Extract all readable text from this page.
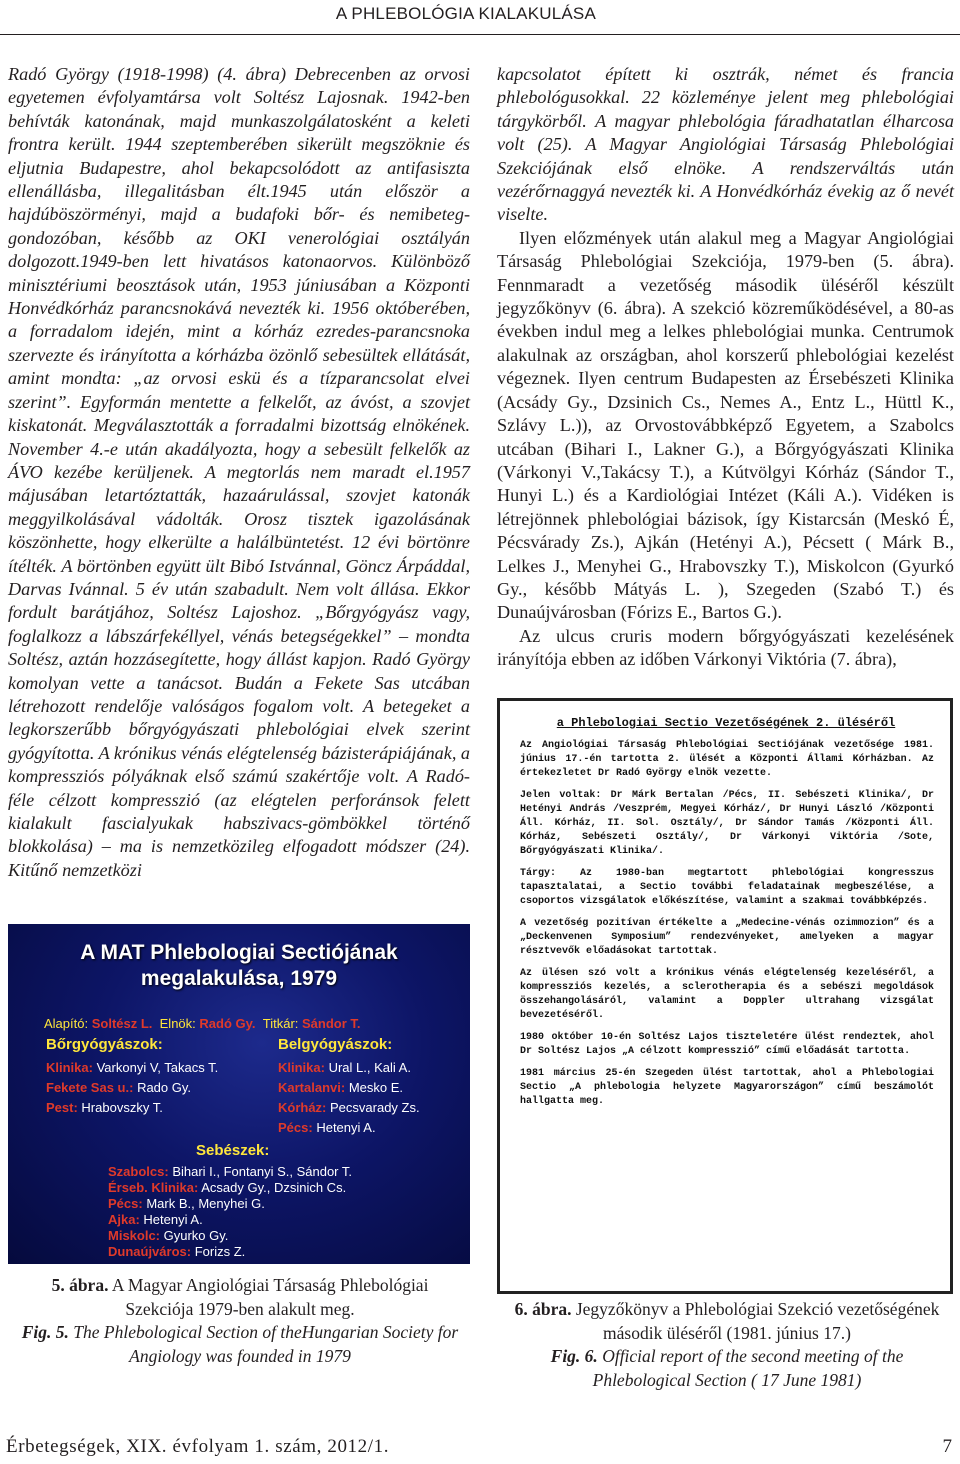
A PHLEBOLÓGIA KIALAKULÁSA

Radó György (1918-1998) (4. ábra) Debrecenben az orvosi egyetemen évfolyamtársa volt Soltész Lajosnak. 1942-ben behívták katonának, majd munkaszolgálatosként a keleti frontra került. 1944 szeptemberében sikerült megszöknie és eljutnia Budapestre, ahol bekapcsolódott az antifasiszta ellenállásba, illegalitásban élt.1945 után először a hajdúböszörményi, majd a budafoki bőr- és nemibeteg-gondozóban, később az OKI venerológiai osztályán dolgozott.1949-ben lett hivatásos katonaorvos. Különböző minisztériumi beosztások után, 1953 júniusában a Központi Honvédkórház parancsnokává nevezték ki. 1956 októberében, a forradalom idején, mint a kórház ezredes-parancsnoka szervezte és irányította a kórházba özönlő sebesültek ellátását, amint mondta: „az orvosi eskü és a tízparancsolat elvei szerint”. Egyformán mentette a felkelőt, az ávóst, a szovjet kiskatonát. Megválasztották a forradalmi bizottság elnökének. November 4.-e után akadályozta, hogy a sebesült felkelők az ÁVO kezébe kerüljenek. A megtorlás nem maradt el.1957 májusában letartóztatták, hazaárulással, szovjet katonák meggyilkolásával vádolták. Orosz tisztek igazolásának köszönhette, hogy elkerülte a halálbüntetést. 12 évi börtönre ítélték. A börtönben együtt ült Bibó Istvánnal, Göncz Árpáddal, Darvas Ivánnal. 5 év után szabadult. Nem volt állása. Ekkor fordult barátjához, Soltész Lajoshoz. „Bőrgyógyász vagy, foglalkozz a lábszárfekéllyel, vénás betegségekkel” – mondta Soltész, aztán hozzásegítette, hogy állást kapjon. Radó György komolyan vette a tanácsot. Budán a Fekete Sas utcában létrehozott rendelője valóságos fogalom volt. A betegeket a legkorszerűbb bőrgyógyászati phlebológiai elvek szerint gyógyította. A krónikus vénás elégtelenség bázisterápiájának, a kompressziós pólyáknak első számú szakértője volt. A Radó-féle célzott kompresszió (az elégtelen perforánsok felett kialakult fascialyukak habszivacs-gömbökkel történő blokkolása) – ma is nemzetközileg elfogadott módszer (24). Kitűnő nemzetközi

kapcsolatot épített ki osztrák, német és francia phlebológusokkal. 22 közleménye jelent meg phlebológiai tárgykörből. A magyar phlebológia fáradhatatlan élharcosa volt (25). A Magyar Angiológiai Társaság Phlebológiai Szekciójának első elnöke. A rendszerváltás után vezérőrnaggyá nevezték ki. A Honvédkórház évekig az ő nevét viselte.

Ilyen előzmények után alakul meg a Magyar Angiológiai Társaság Phlebológiai Szekciója, 1979-ben (5. ábra). Fennmaradt a vezetőség második üléséről készült jegyzőkönyv (6. ábra). A szekció közreműködésével, a 80-as években indul meg a lelkes phlebológiai munka. Centrumok alakulnak az országban, ahol korszerű phlebológiai kezelést végeznek. Ilyen centrum Budapesten az Érsebészeti Klinika (Acsády Gy., Dzsinich Cs., Nemes A., Entz L., Hüttl K., Szlávy L.)), az Orvostovábbképző Egyetem, a Szabolcs utcában (Bihari I., Lakner G.), a Bőrgyógyászati Klinika (Várkonyi V.,Takácsy T.), a Kútvölgyi Kórház (Sándor T., Hunyi L.) és a Kardiológiai Intézet (Káli A.). Vidéken is létrejönnek phlebológiai bázisok, így Kistarcsán (Meskó É, Pécsvárady Zs.), Ajkán (Hetényi A.), Pécsett ( Márk B., Lelkes J., Menyhei G., Hrabovszky T.), Miskolcon (Gyurkó Gy., később Mátyás L. ), Szegeden (Szabó T.) és Dunaújvárosban (Fórizs E., Bartos G.).

Az ulcus cruris modern bőrgyógyászati kezelésének irányítója ebben az időben Várkonyi Viktória (7. ábra),

A MAT Phlebologiai Sectiójának
megalakulása, 1979
Alapító: Soltész L. Elnök: Radó Gy. Titkár: Sándor T.
Bőrgyógyászok:	Belgyógyászok:
Klinika: Varkonyi V, Takacs T.
Fekete Sas u.: Rado Gy.
Pest: Hrabovszky T.
Klinika: Ural L., Kali A.
Kartalanvi: Mesko E.
Kórház: Pecsvarady Zs.
Pécs: Hetenyi A.
Sebészek:
Szabolcs: Bihari I., Fontanyi S., Sándor T.
Érseb. Klinika: Acsady Gy., Dzsinich Cs.
Pécs: Mark B., Menyhei G.
Ajka: Hetenyi A.
Miskolc: Gyurko Gy.
Dunaújváros: Forizs Z.
a Phlebologiai Sectio Vezetőségének 2. üléséről

Az Angiológiai Társaság Phlebológiai Sectiójának vezetősége 1981. június 17.-én tartotta 2. ülését a Központi Állami Kórházban. Az értekezletet Dr Radó György elnök vezette.

Jelen voltak: Dr Márk Bertalan /Pécs, II. Sebészeti Klinika/, Dr Hetényi András /Veszprém, Megyei Kórház/, Dr Hunyi László /Központi Áll. Kórház, II. Sol. Osztály/, Dr Sándor Tamás /Központi Áll. Kórház, Sebészeti Osztály/, Dr Várkonyi Viktória /Sote, Bőrgyógyászati Klinika/.

Tárgy: Az 1980-ban megtartott phlebológiai kongresszus tapasztalatai, a Sectio további feladatainak megbeszélése, a csoportos vizsgálatok előkészítése, valamint a szakmai továbbképzés.

A vezetőség pozitívan értékelte a „Medecine-vénás ozimmozion” és a „Deckenvenen Symposium” rendezvényeket, amelyeken a magyar résztvevők előadásokat tartottak.

Az ülésen szó volt a krónikus vénás elégtelenség kezeléséről, a kompressziós kezelés, a sclerotherapia és a sebészi megoldások összehangolásáról, valamint a Doppler ultrahang vizsgálat bevezetéséről.

1980 október 10-én Soltész Lajos tiszteletére ülést rendeztek, ahol Dr Soltész Lajos „A célzott kompresszió” című előadását tartotta.

1981 március 25-én Szegeden ülést tartottak, ahol a Phlebologiai Sectio „A phlebologia helyzete Magyarországon” című beszámolót hallgatta meg.

5. ábra. A Magyar Angiológiai Társaság Phlebológiai Szekciója 1979-ben alakult meg.
Fig. 5. The Phlebological Section of theHungarian Society for Angiology was founded in 1979
6. ábra. Jegyzőkönyv a Phlebológiai Szekció vezetőségének második üléséről (1981. június 17.)
Fig. 6. Official report of the second meeting of the Phlebological Section ( 17 June 1981)
Érbetegségek, XIX. évfolyam 1. szám, 2012/1.	7
